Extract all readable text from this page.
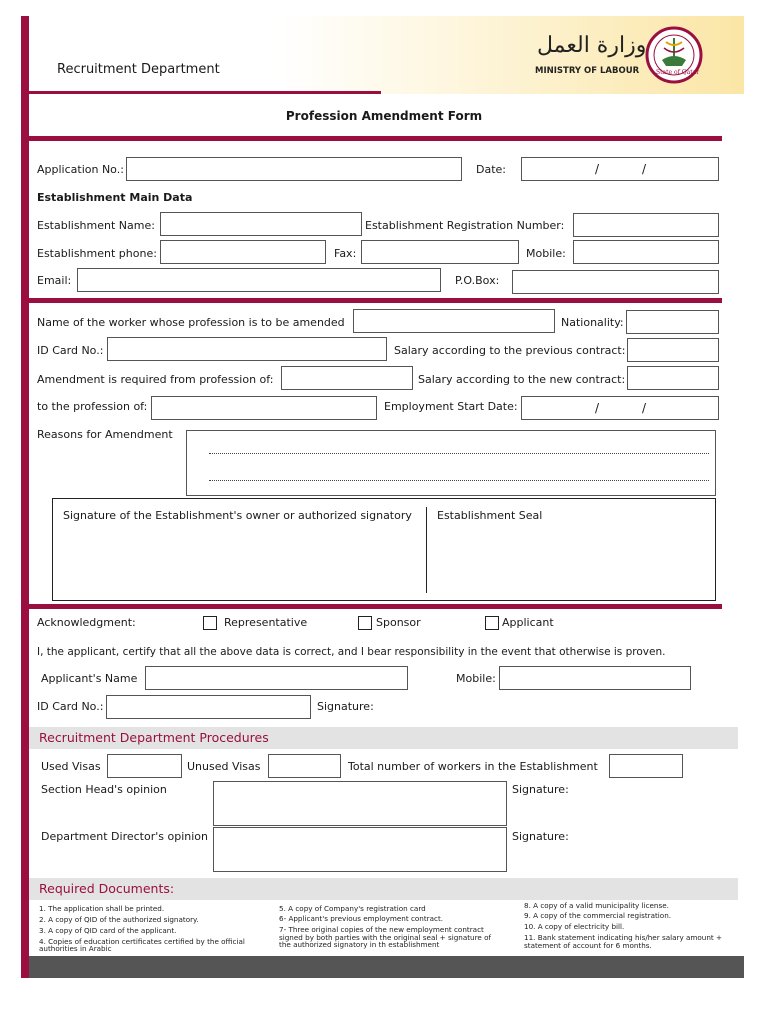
Recruitment Department
وزارة العمل
MINISTRY OF LABOUR	State of Qatar
Profession Amendment Form
Application No.:	Date:	/	/
Establishment Main Data
Establishment Name:	Establishment Registration Number:
Establishment phone:	Fax:	Mobile:
Email:	P.O.Box:
Name of the worker whose profession is to be amended	Nationality:
ID Card No.:	Salary according to the previous contract:
Amendment is required from profession of:	Salary according to the new contract:
to the profession of:	Employment Start Date:	/	/
Reasons for Amendment
Signature of the Establishment's owner or authorized signatory Establishment Seal
Acknowledgment:	Representative	Sponsor	Applicant
I, the applicant, certify that all the above data is correct, and I bear responsibility in the event that otherwise is proven.
Applicant's Name	Mobile:
ID Card No.:	Signature:
Recruitment Department Procedures
Used Visas	Unused Visas	Total number of workers in the Establishment
Section Head's opinion	Signature:
Department Director's opinion	Signature:
Required Documents:
1. The application shall be printed.
2. A copy of QID of the authorized signatory.
3. A copy of QID card of the applicant.
4. Copies of education certificates certified by the official
authorities in Arabic
5. A copy of Company's registration card
6- Applicant's previous employment contract.
7- Three original copies of the new employment contract
signed by both parties with the original seal + signature of
the authorized signatory in th establishment
8. A copy of a valid municipality license.
9. A copy of the commercial registration.
10. A copy of electricity bill.
11. Bank statement indicating his/her salary amount +
statement of account for 6 months.
